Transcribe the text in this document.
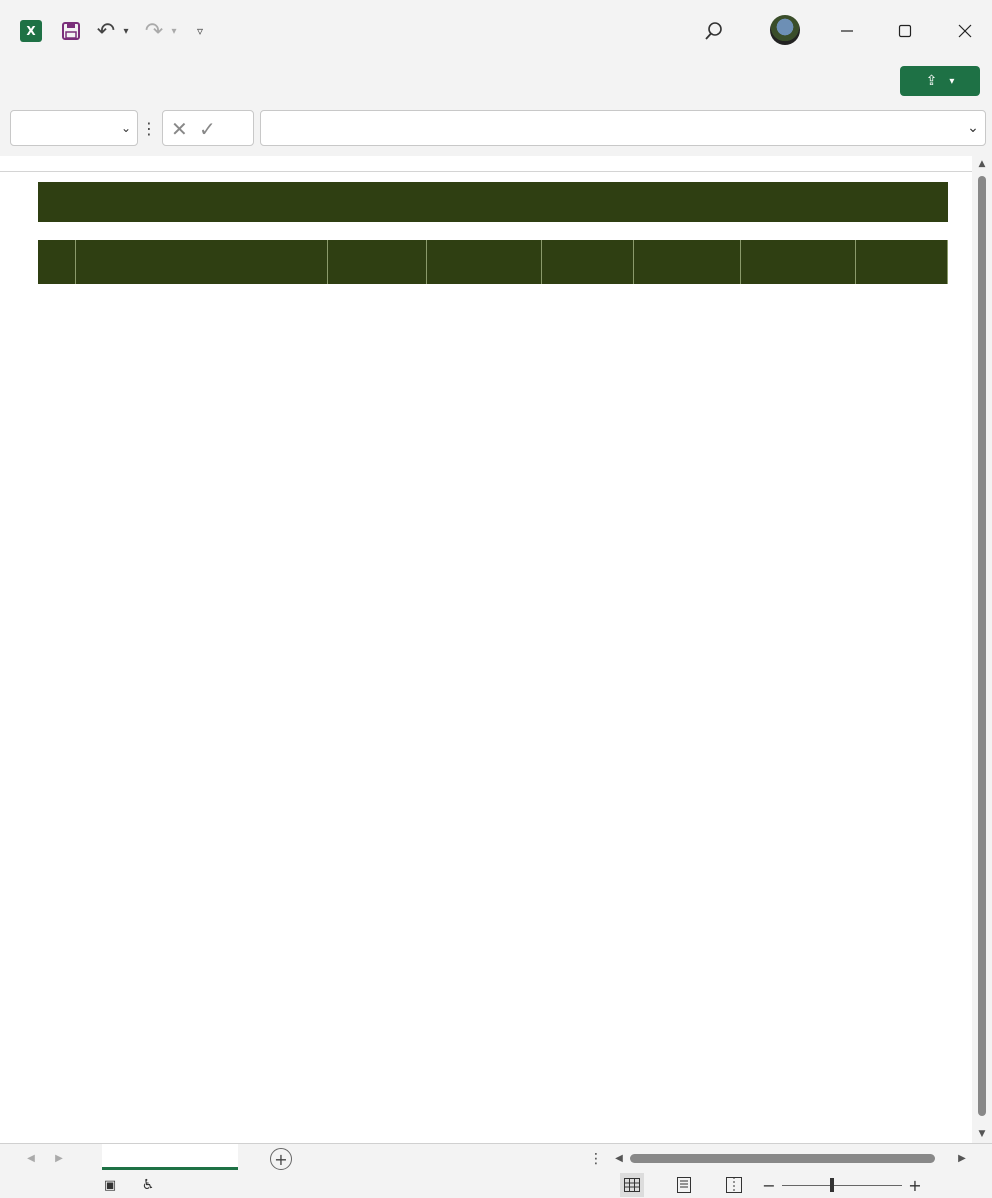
X	↶ ▾ ↷ ▾	▿
⇪ ▾
⌄ ⋮ ✕ ✓	⌄
▲
▼
◀	▶	+	⋮	◀	▶
▣ ♿	−	+
